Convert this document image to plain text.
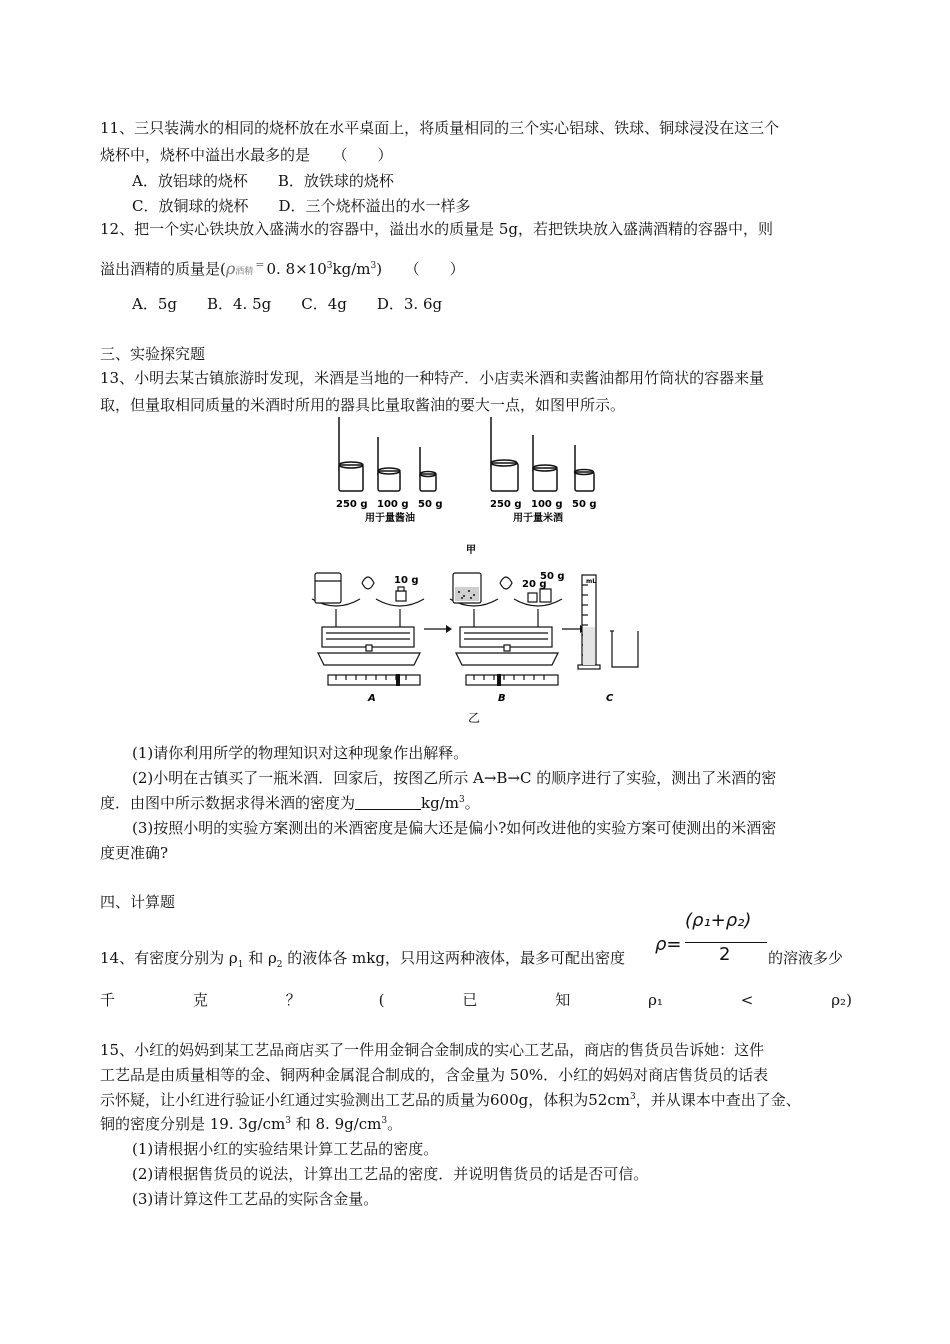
11、三只装满水的相同的烧杯放在水平桌面上，将质量相同的三个实心铝球、铁球、铜球浸没在这三个
烧杯中，烧杯中溢出水最多的是　　（　　）
A．放铝球的烧杯　　B．放铁球的烧杯
C．放铜球的烧杯　　D．三个烧杯溢出的水一样多
12、把一个实心铁块放入盛满水的容器中，溢出水的质量是 5g，若把铁块放入盛满酒精的容器中，则
溢出酒精的质量是(ρ酒精= 0. $8\times 10^3kg/m^3$)　　（　　）
A．5g　　B．4. 5g　　C．4g　　D．3. 6g
三、实验探究题
13、小明去某古镇旅游时发现，米酒是当地的一种特产．小店卖米酒和卖酱油都用竹筒状的容器来量
取，但量取相同质量的米酒时所用的器具比量取酱油的要大一点，如图甲所示。
250 g 100 g 50 g
用于量酱油
250 g 100 g 50 g
用于量米酒
甲
10 g
A
20 g
50 g
B
mL
C
乙
(1)请你利用所学的物理知识对这种现象作出解释。
(2)小明在古镇买了一瓶米酒．回家后，按图乙所示 A→B→C 的顺序进行了实验，测出了米酒的密
度．由图中所示数据求得米酒的密度为	$kg/m^3$。
(3)按照小明的实验方案测出的米酒密度是偏大还是偏小?如何改进他的实验方案可使测出的米酒密
度更准确?
四、计算题
14、有密度分别为 $\rho_1$ 和 $\rho_2$ 的液体各 mkg，只用这两种液体，最多可配出密度
ρ=
(ρ₁+ρ₂)
2	的溶液多少
千	克	？	(	已	知	ρ₁	<	ρ₂)
15、小红的妈妈到某工艺品商店买了一件用金铜合金制成的实心工艺品，商店的售货员告诉她：这件
工艺品是由质量相等的金、铜两种金属混合制成的，含金量为 50%．小红的妈妈对商店售货员的话表
示怀疑，让小红进行验证小红通过实验测出工艺品的质量为600g，体积为$52cm^3$，并从课本中查出了金、
铜的密度分别是 19. $3g/cm^3$ 和 8. $9g/cm^3$。
(1)请根据小红的实验结果计算工艺品的密度。
(2)请根据售货员的说法，计算出工艺品的密度．并说明售货员的话是否可信。
(3)请计算这件工艺品的实际含金量。
